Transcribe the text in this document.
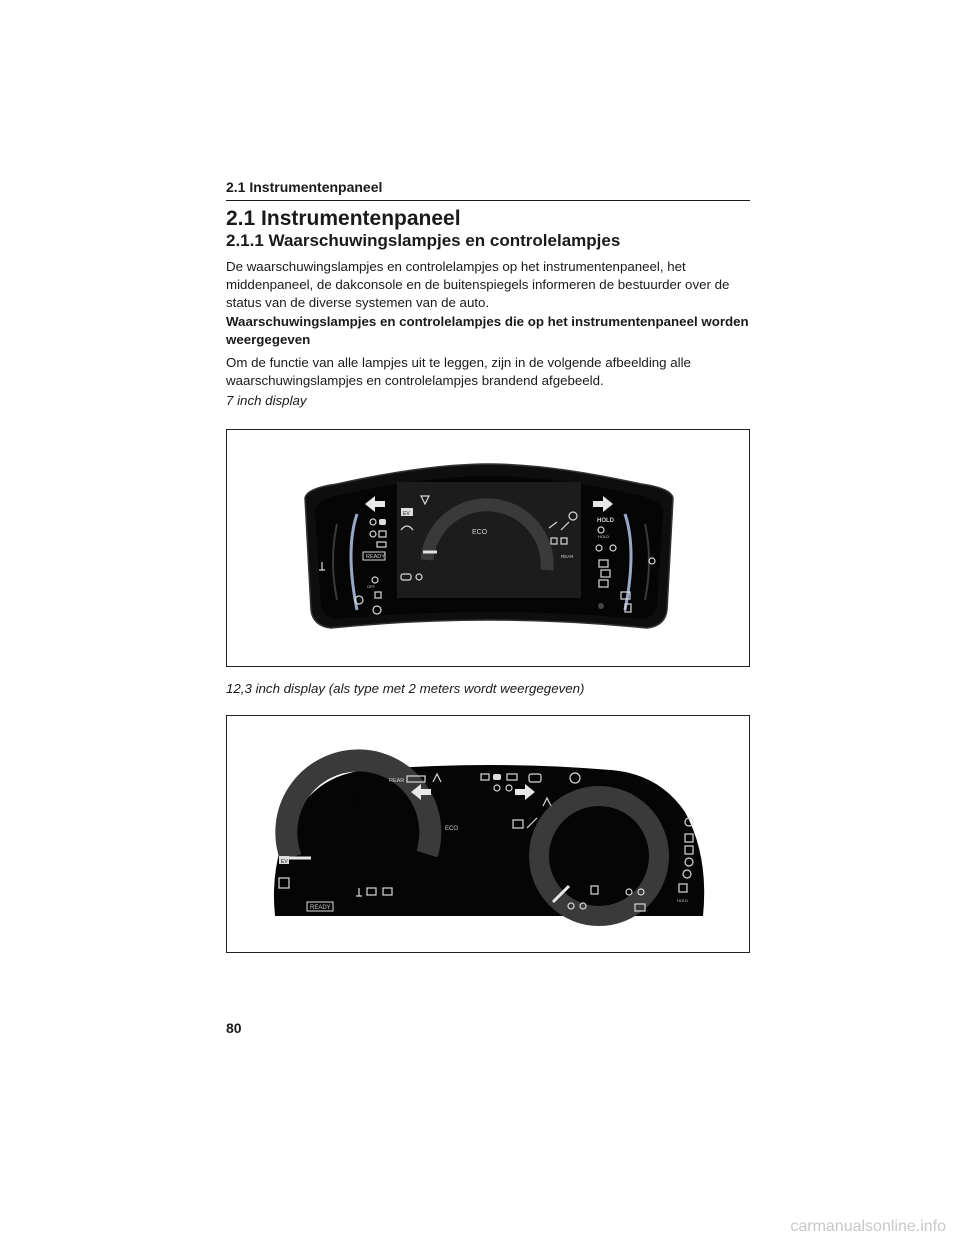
2.1 Instrumentenpaneel
2.1 Instrumentenpaneel
2.1.1 Waarschuwingslampjes en controlelampjes

De waarschuwingslampjes en controlelampjes op het instrumentenpaneel, het middenpaneel, de dakconsole en de buitenspiegels informeren de bestuurder over de status van de diverse systemen van de auto.

Waarschuwingslampjes en controlelampjes die op het instrumentenpaneel worden weergegeven

Om de functie van alle lampjes uit te leggen, zijn in de volgende afbeelding alle waarschuwingslampjes en controlelampjes brandend afgebeeld.

7 inch display
ECO
READY
OFF
EV
REAR
HOLD
HOLD
12,3 inch display (als type met 2 meters wordt weergegeven)
ECO
REAR
EV
READY
HOLD
80
carmanualsonline.info
